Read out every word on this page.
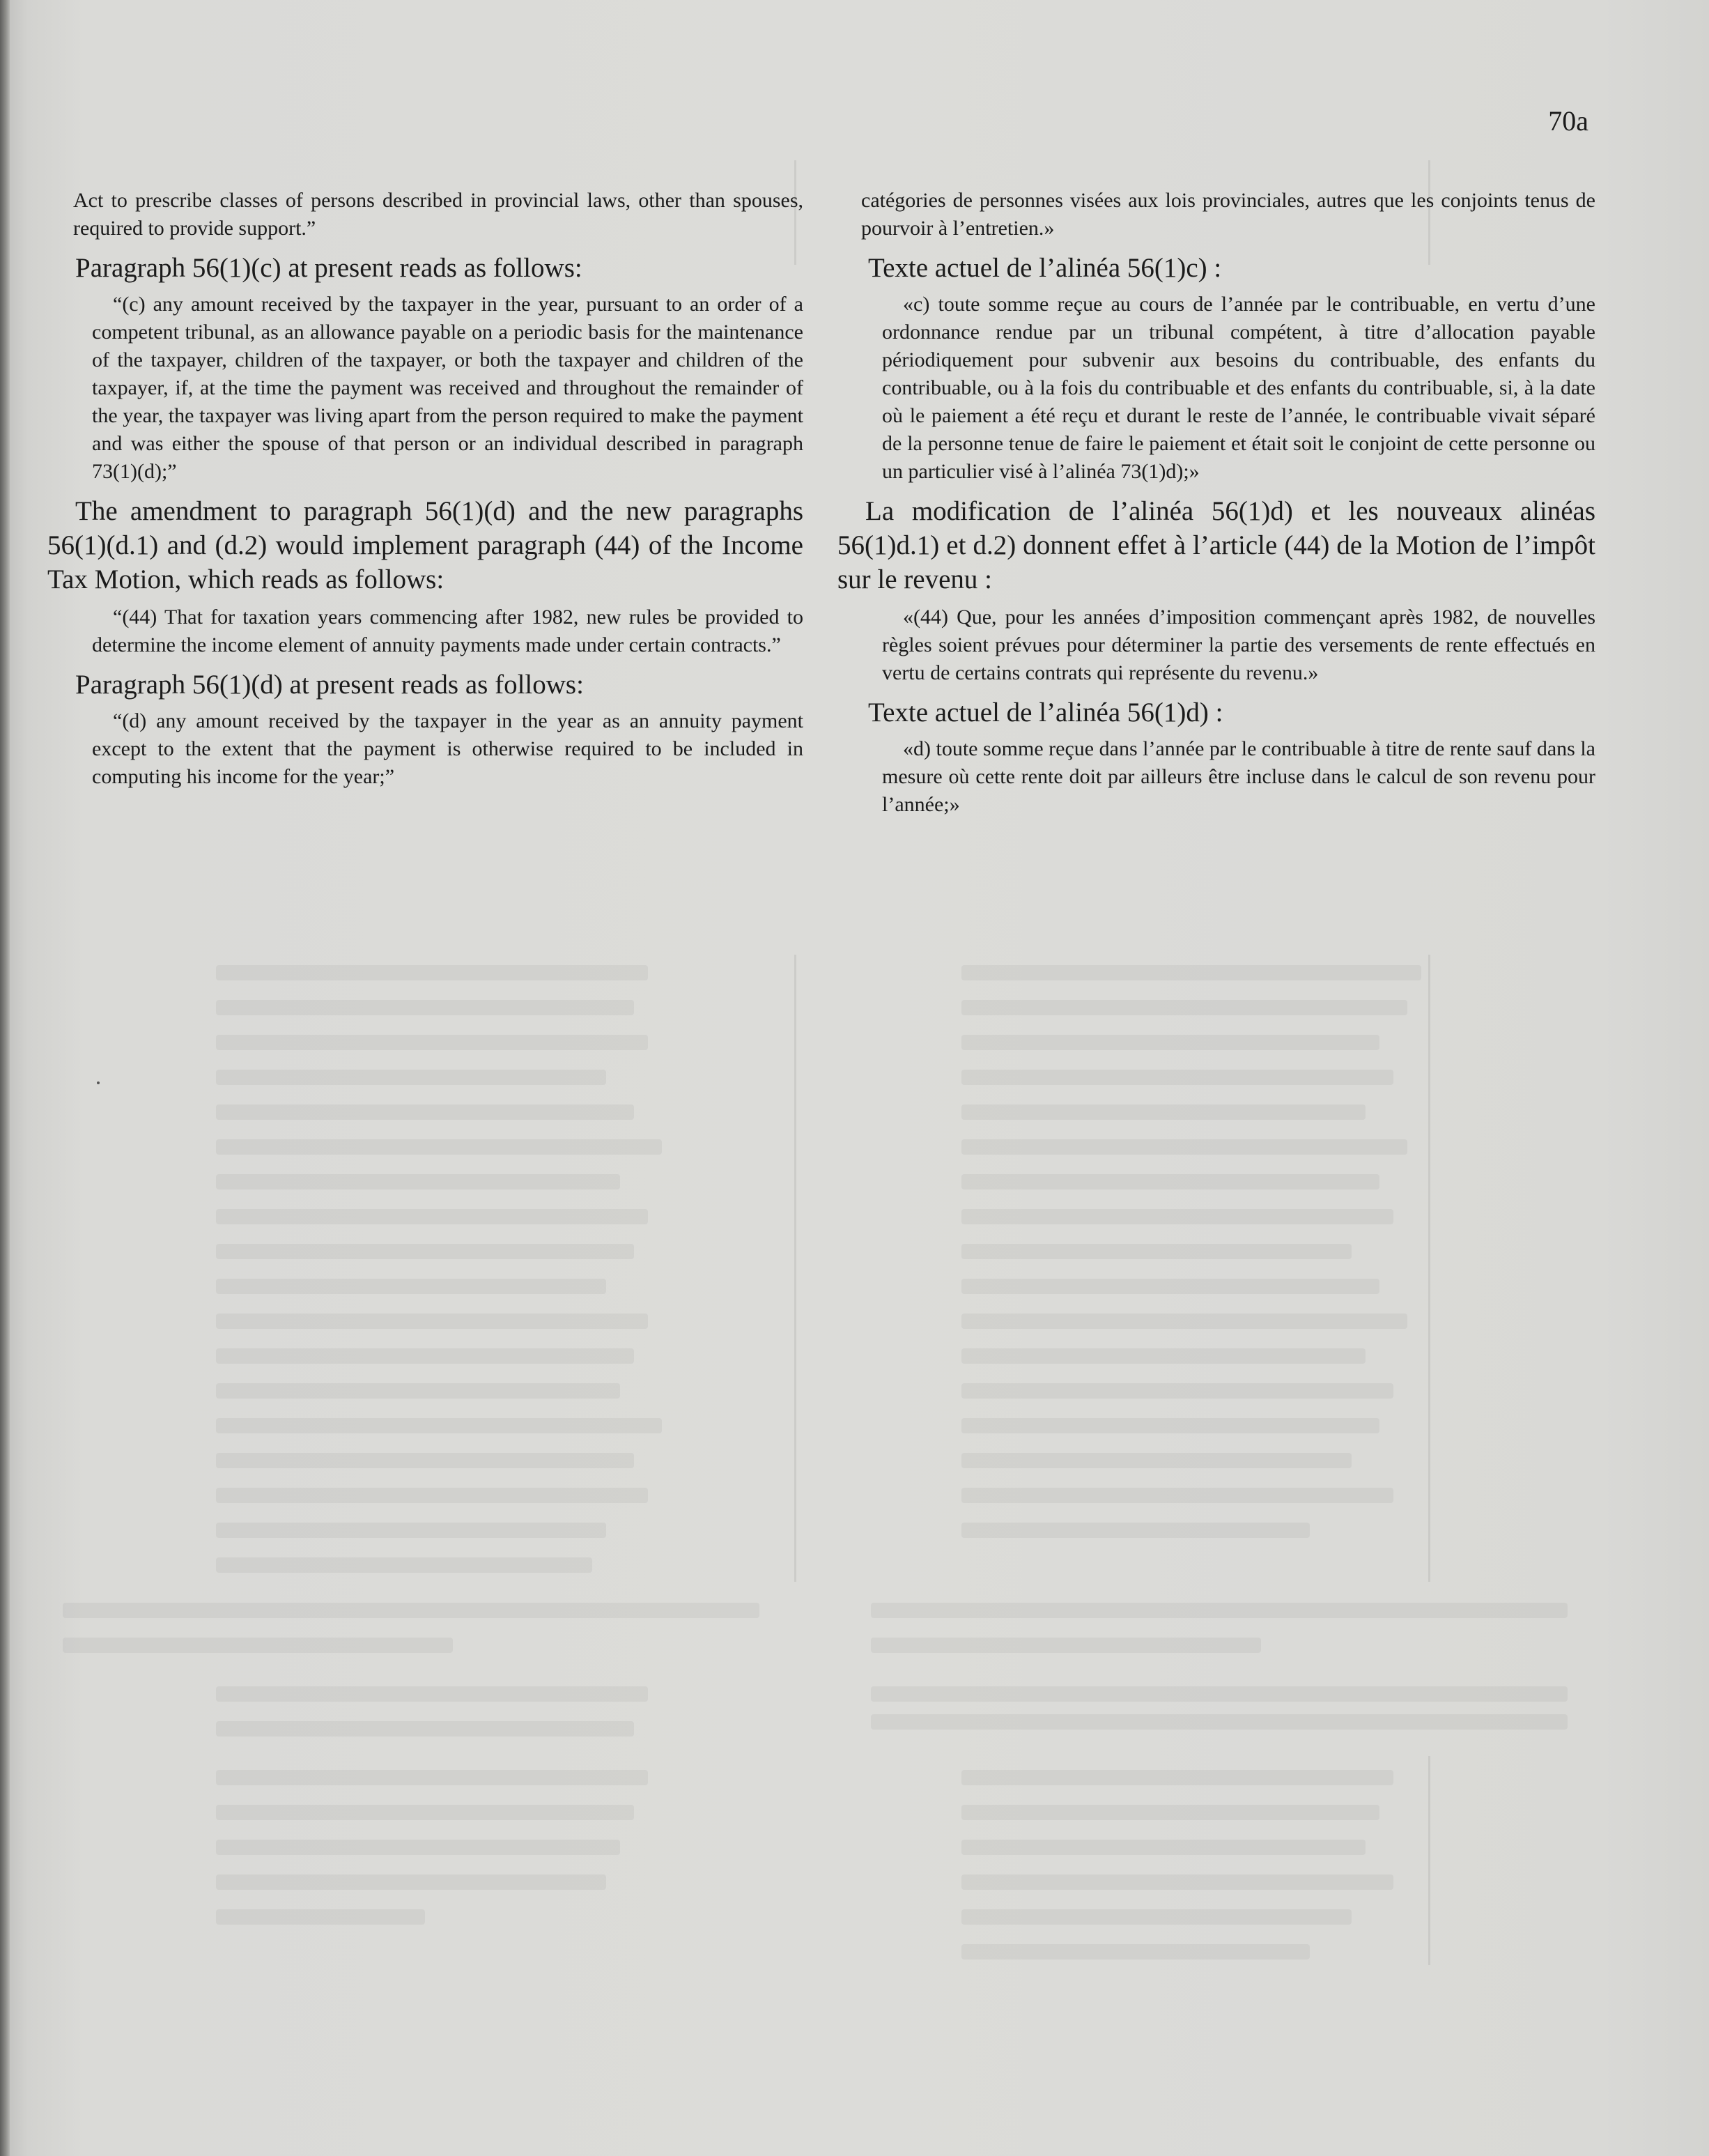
70a

Act to prescribe classes of persons described in provincial laws, other than spouses, required to provide support.”

Paragraph 56(1)(c) at present reads as follows:

“(c) any amount received by the taxpayer in the year, pursuant to an order of a competent tribunal, as an allowance payable on a periodic basis for the maintenance of the taxpayer, children of the taxpayer, or both the taxpayer and children of the taxpayer, if, at the time the payment was received and throughout the remainder of the year, the taxpayer was living apart from the person required to make the payment and was either the spouse of that person or an individual described in paragraph 73(1)(d);”

The amendment to paragraph 56(1)(d) and the new paragraphs 56(1)(d.1) and (d.2) would implement paragraph (44) of the Income Tax Motion, which reads as follows:

“(44) That for taxation years commencing after 1982, new rules be provided to determine the income element of annuity payments made under certain contracts.”

Paragraph 56(1)(d) at present reads as follows:

“(d) any amount received by the taxpayer in the year as an annuity payment except to the extent that the payment is otherwise required to be included in computing his income for the year;”

catégories de personnes visées aux lois provinciales, autres que les conjoints tenus de pourvoir à l’entretien.»

Texte actuel de l’alinéa 56(1)c) :

«c) toute somme reçue au cours de l’année par le contribuable, en vertu d’une ordonnance rendue par un tribunal compétent, à titre d’allocation payable périodiquement pour subvenir aux besoins du contribuable, des enfants du contribuable, ou à la fois du contribuable et des enfants du contribuable, si, à la date où le paiement a été reçu et durant le reste de l’année, le contribuable vivait séparé de la personne tenue de faire le paiement et était soit le conjoint de cette personne ou un particulier visé à l’alinéa 73(1)d);»

La modification de l’alinéa 56(1)d) et les nouveaux alinéas 56(1)d.1) et d.2) donnent effet à l’article (44) de la Motion de l’impôt sur le revenu :

«(44) Que, pour les années d’imposition commençant après 1982, de nouvelles règles soient prévues pour déterminer la partie des versements de rente effectués en vertu de certains contrats qui représente du revenu.»

Texte actuel de l’alinéa 56(1)d) :

«d) toute somme reçue dans l’année par le contribuable à titre de rente sauf dans la mesure où cette rente doit par ailleurs être incluse dans le calcul de son revenu pour l’année;»
